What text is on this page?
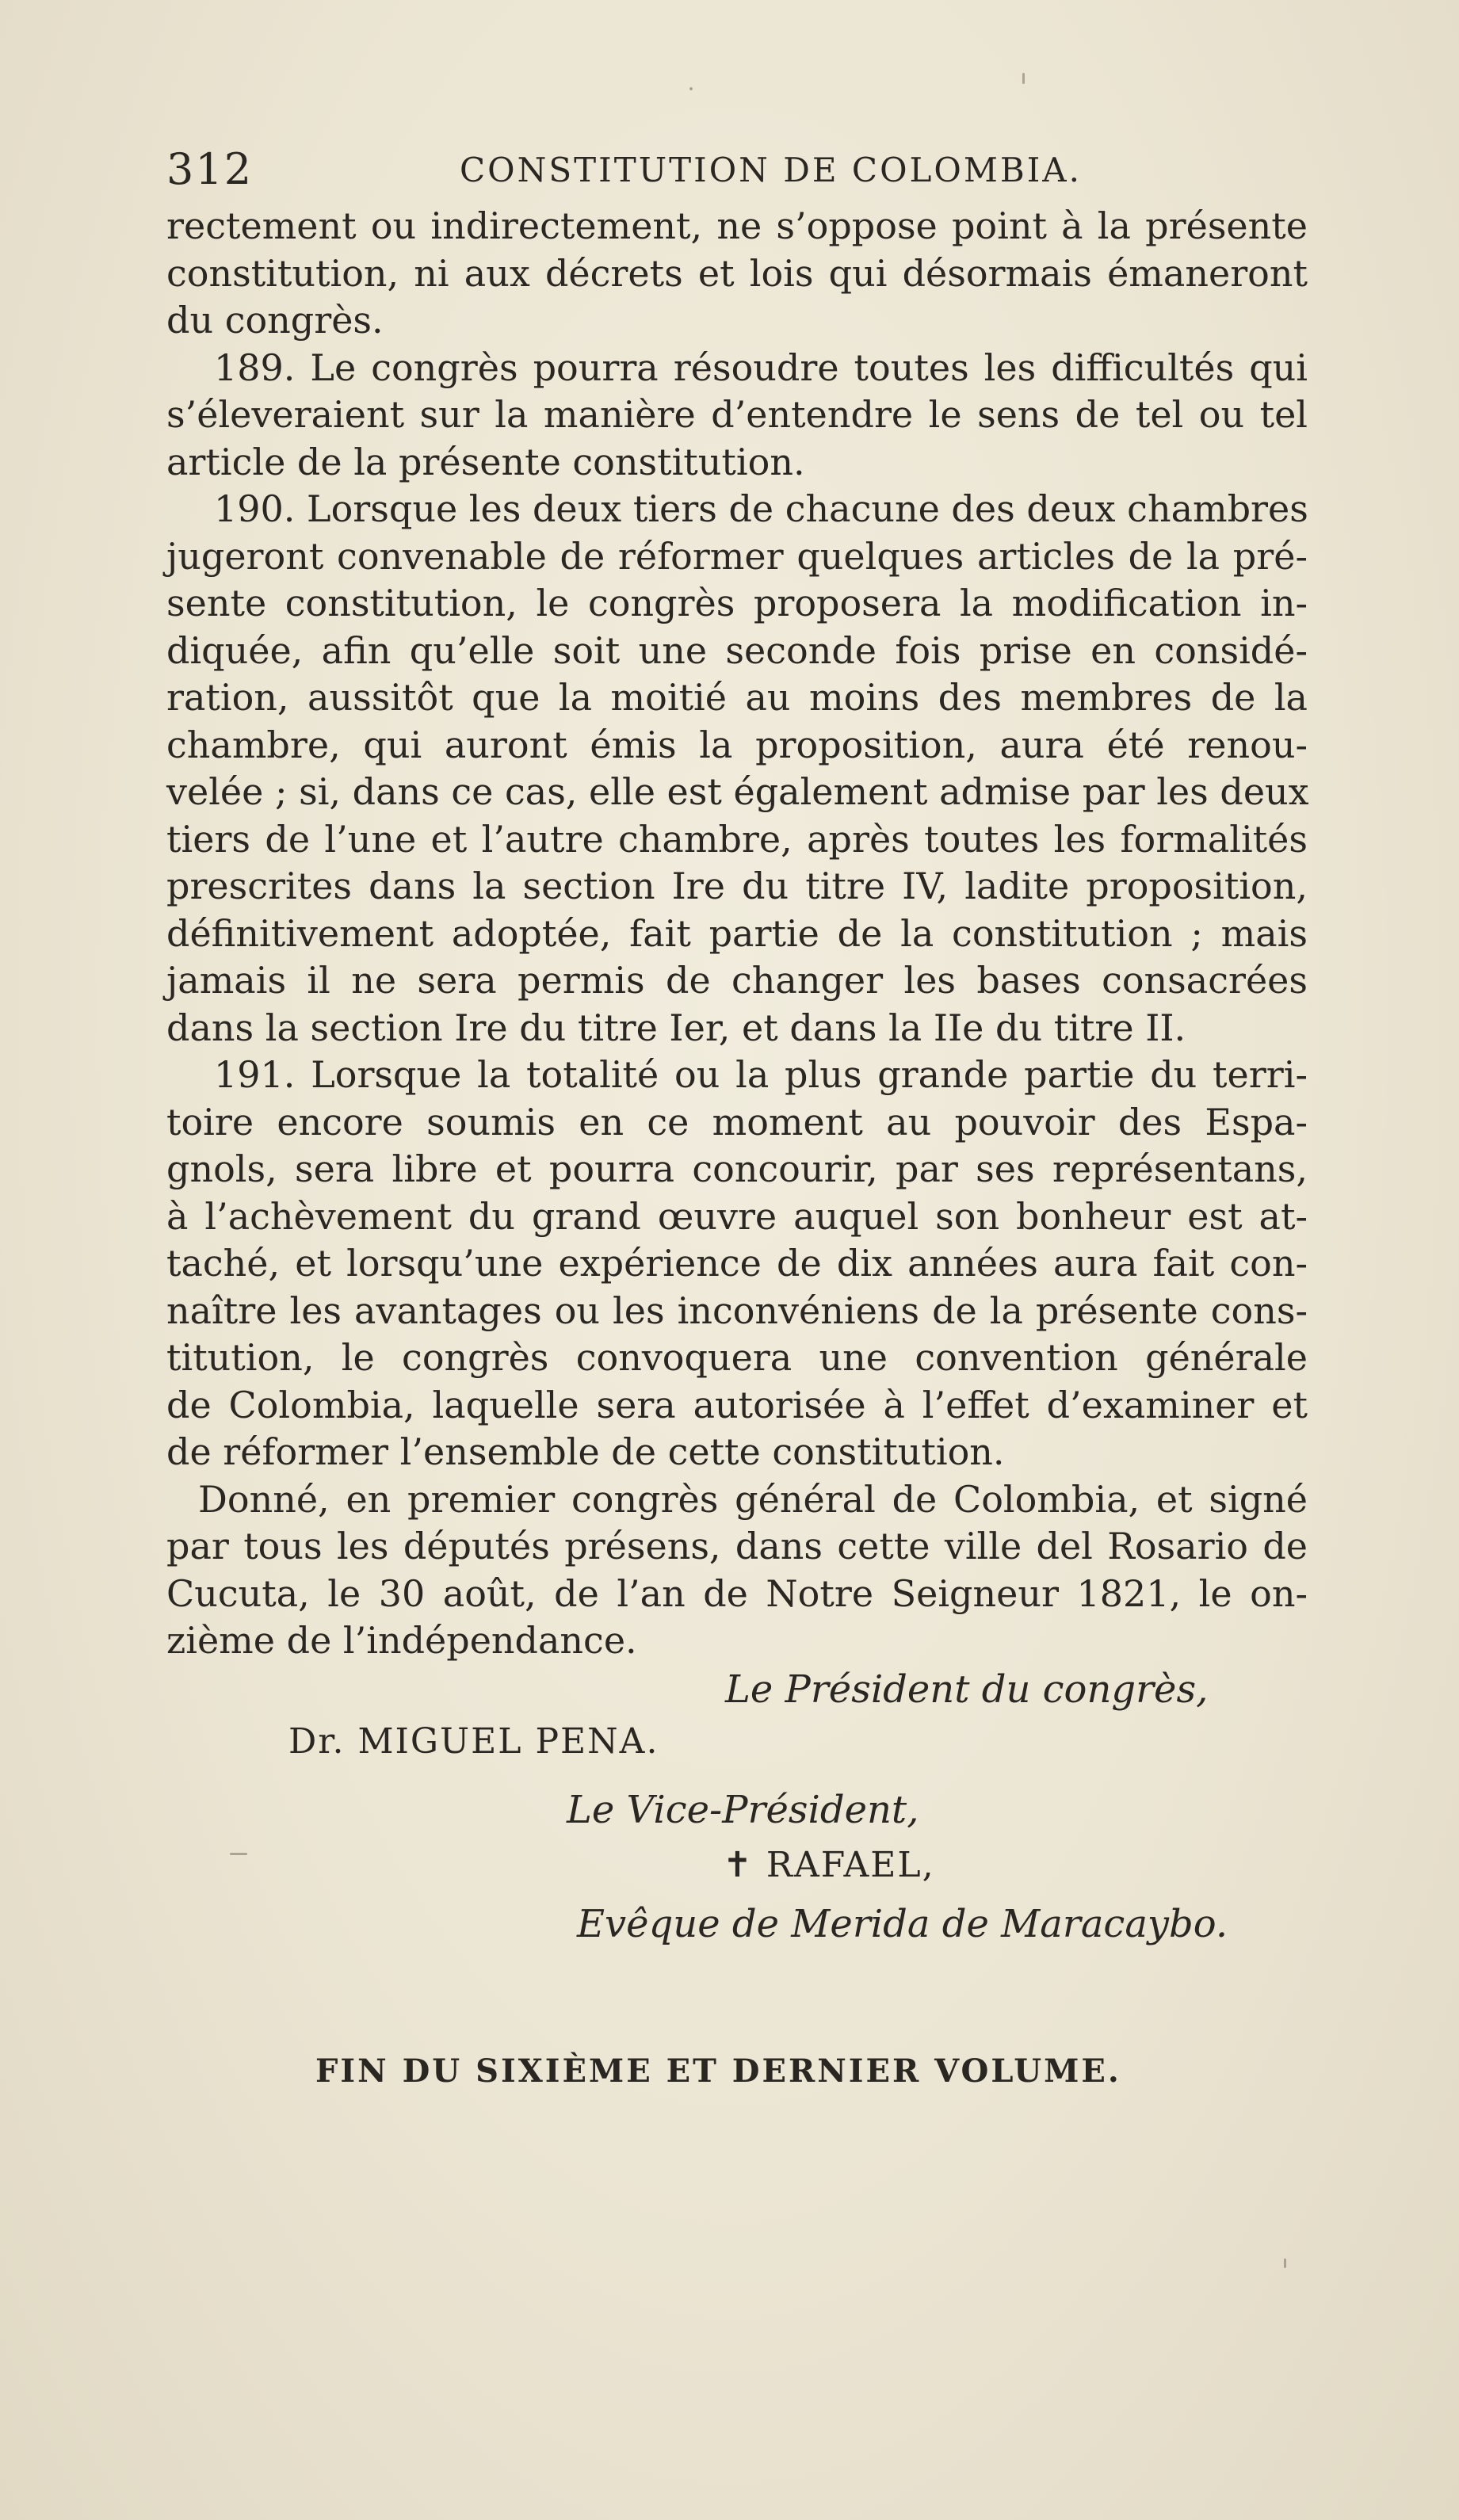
312	CONSTITUTION DE COLOMBIA.
rectement ou indirectement, ne s’oppose point à la présente
constitution, ni aux décrets et lois qui désormais émaneront
du congrès.
189. Le congrès pourra résoudre toutes les difficultés qui
s’éleveraient sur la manière d’entendre le sens de tel ou tel
article de la présente constitution.
190. Lorsque les deux tiers de chacune des deux chambres
jugeront convenable de réformer quelques articles de la pré-
sente constitution, le congrès proposera la modification in-
diquée, afin qu’elle soit une seconde fois prise en considé-
ration, aussitôt que la moitié au moins des membres de la
chambre, qui auront émis la proposition, aura été renou-
velée ; si, dans ce cas, elle est également admise par les deux
tiers de l’une et l’autre chambre, après toutes les formalités
prescrites dans la section Ire du titre IV, ladite proposition,
définitivement adoptée, fait partie de la constitution ; mais
jamais il ne sera permis de changer les bases consacrées
dans la section Ire du titre Ier, et dans la IIe du titre II.
191. Lorsque la totalité ou la plus grande partie du terri-
toire encore soumis en ce moment au pouvoir des Espa-
gnols, sera libre et pourra concourir, par ses représentans,
à l’achèvement du grand œuvre auquel son bonheur est at-
taché, et lorsqu’une expérience de dix années aura fait con-
naître les avantages ou les inconvéniens de la présente cons-
titution, le congrès convoquera une convention générale
de Colombia, laquelle sera autorisée à l’effet d’examiner et
de réformer l’ensemble de cette constitution.
Donné, en premier congrès général de Colombia, et signé
par tous les députés présens, dans cette ville del Rosario de
Cucuta, le 30 août, de l’an de Notre Seigneur 1821, le on-
zième de l’indépendance.
Le Président du congrès,
Dr. MIGUEL PENA.
Le Vice-Président,
✝ RAFAEL,
Evêque de Merida de Maracaybo.
FIN DU SIXIÈME ET DERNIER VOLUME.
